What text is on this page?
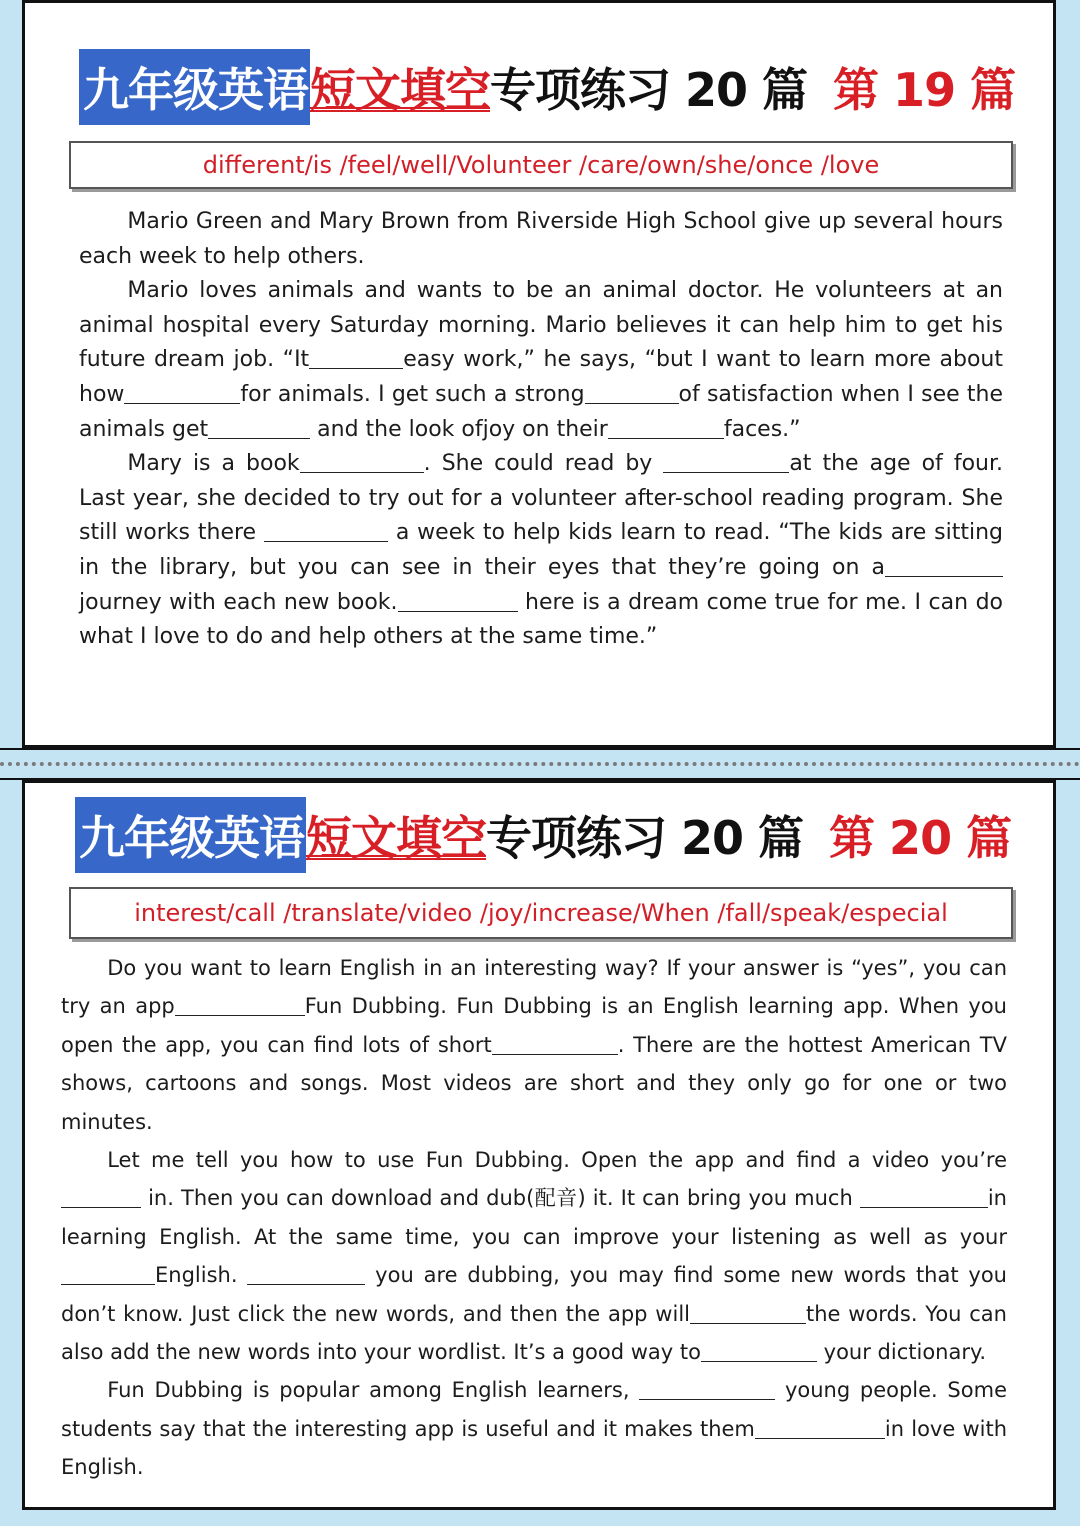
九年级英语 短文填空 专项练习 20 篇 第 19 篇
different/is /feel/well/Volunteer /care/own/she/once /love

Mario Green and Mary Brown from Riverside High School give up several hours each week to help others.

Mario loves animals and wants to be an animal doctor. He volunteers at an animal hospital every Saturday morning. Mario believes it can help him to get his future dream job. “It	easy work,” he says, “but I want to learn more about how	for animals. I get such a strong	of satisfaction when I see the animals get	and the look ofjoy on their	faces.”

Mary is a book	. She could read by	at the age of four. Last year, she decided to try out for a volunteer after-school reading program. She still works there	a week to help kids learn to read. “The kids are sitting in the library, but you can see in their eyes that they’re going on ajourney with each new book.	here is a dream come true for me. I can do what I love to do and help others at the same time.”

九年级英语 短文填空 专项练习 20 篇 第 20 篇
interest/call /translate/video /joy/increase/When /fall/speak/especial

Do you want to learn English in an interesting way? If your answer is “yes”, you can try an app	Fun Dubbing. Fun Dubbing is an English learning app. When you open the app, you can find lots of short	. There are the hottest American TV shows, cartoons and songs. Most videos are short and they only go for one or two minutes.

Let me tell you how to use Fun Dubbing. Open the app and find a video you’re in. Then you can download and dub(配音) it. It can bring you much	in learning English. At the same time, you can improve your listening as well as yourEnglish.	you are dubbing, you may find some new words that you don’t know. Just click the new words, and then the app will	the words. You can also add the new words into your wordlist. It’s a good way to	your dictionary.

Fun Dubbing is popular among English learners,	young people. Some students say that the interesting app is useful and it makes them	in love with English.
